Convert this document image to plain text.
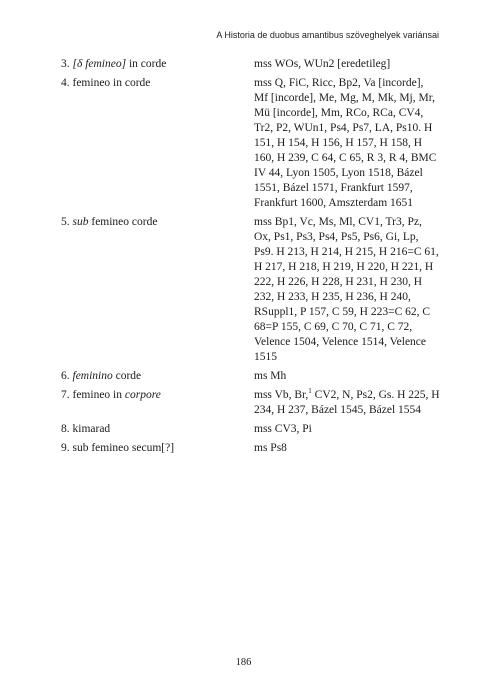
A Historia de duobus amantibus szöveghelyek variánsai
3. [δ femineo] in corde	mss WOs, WUn2 [eredetileg]
4. femineo in corde	mss Q, FiC, Ricc, Bp2, Va [incorde], Mf [incorde], Me, Mg, M, Mk, Mj, Mr, Mü [incorde], Mm, RCo, RCa, CV4, Tr2, P2, WUn1, Ps4, Ps7, LA, Ps10. H 151, H 154, H 156, H 157, H 158, H 160, H 239, C 64, C 65, R 3, R 4, BMC IV 44, Lyon 1505, Lyon 1518, Bázel 1551, Bázel 1571, Frankfurt 1597, Frankfurt 1600, Amszterdam 1651
5. sub femineo corde	mss Bp1, Vc, Ms, Ml, CV1, Tr3, Pz, Ox, Ps1, Ps3, Ps4, Ps5, Ps6, Gi, Lp, Ps9. H 213, H 214, H 215, H 216=C 61, H 217, H 218, H 219, H 220, H 221, H 222, H 226, H 228, H 231, H 230, H 232, H 233, H 235, H 236, H 240, RSuppl1, P 157, C 59, H 223=C 62, C 68=P 155, C 69, C 70, C 71, C 72, Velence 1504, Velence 1514, Velence 1515
6. feminino corde	ms Mh
7. femineo in corpore	mss Vb, Br,$^1$ CV2, N, Ps2, Gs. H 225, H 234, H 237, Bázel 1545, Bázel 1554
8. kimarad	mss CV3, Pi
9. sub femineo secum[?]	ms Ps8
186
